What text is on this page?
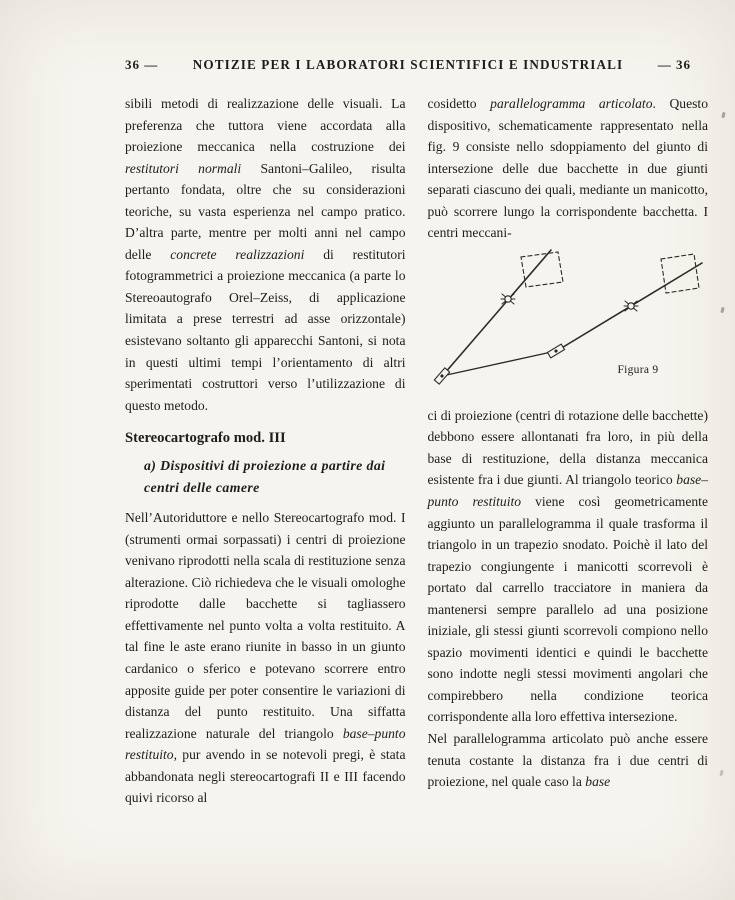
36 —	NOTIZIE PER I LABORATORI SCIENTIFICI E INDUSTRIALI	— 36

sibili metodi di realizzazione delle visuali. La preferenza che tuttora viene accordata alla proiezione meccanica nella costruzione dei restitutori normali Santoni–Galileo, risulta pertanto fondata, oltre che su considerazioni teoriche, su vasta esperienza nel campo pratico. D’altra parte, mentre per molti anni nel campo delle concrete realizzazioni di restitutori fotogrammetrici a proiezione meccanica (a parte lo Stereoautografo Orel–Zeiss, di applicazione limitata a prese terrestri ad asse orizzontale) esistevano soltanto gli apparecchi Santoni, si nota in questi ultimi tempi l’orientamento di altri sperimentati costruttori verso l’utilizzazione di questo metodo.

Stereocartografo mod. III
a) Dispositivi di proiezione a partire dai centri delle camere

Nell’Autoriduttore e nello Stereocartografo mod. I (strumenti ormai sorpassati) i centri di proiezione venivano riprodotti nella scala di restituzione senza alterazione. Ciò richiedeva che le visuali omologhe riprodotte dalle bacchette si tagliassero effettivamente nel punto volta a volta restituito. A tal fine le aste erano riunite in basso in un giunto cardanico o sferico e potevano scorrere entro apposite guide per poter consentire le variazioni di distanza del punto restituito. Una siffatta realizzazione naturale del triangolo base–punto restituito, pur avendo in se notevoli pregi, è stata abbandonata negli stereocartografi II e III facendo quivi ricorso al

cosidetto parallelogramma articolato. Questo dispositivo, schematicamente rappresentato nella fig. 9 consiste nello sdoppiamento del giunto di intersezione delle due bacchette in due giunti separati ciascuno dei quali, mediante un manicotto, può scorrere lungo la corrispondente bacchetta. I centri meccani-

Figura 9

ci di proiezione (centri di rotazione delle bacchette) debbono essere allontanati fra loro, in più della base di restituzione, della distanza meccanica esistente fra i due giunti. Al triangolo teorico base–punto restituito viene così geometricamente aggiunto un parallelogramma il quale trasforma il triangolo in un trapezio snodato. Poichè il lato del trapezio congiungente i manicotti scorrevoli è portato dal carrello tracciatore in maniera da mantenersi sempre parallelo ad una posizione iniziale, gli stessi giunti scorrevoli compiono nello spazio movimenti identici e quindi le bacchette sono indotte negli stessi movimenti angolari che compirebbero nella condizione teorica corrispondente alla loro effettiva intersezione.

Nel parallelogramma articolato può anche essere tenuta costante la distanza fra i due centri di proiezione, nel quale caso la base
